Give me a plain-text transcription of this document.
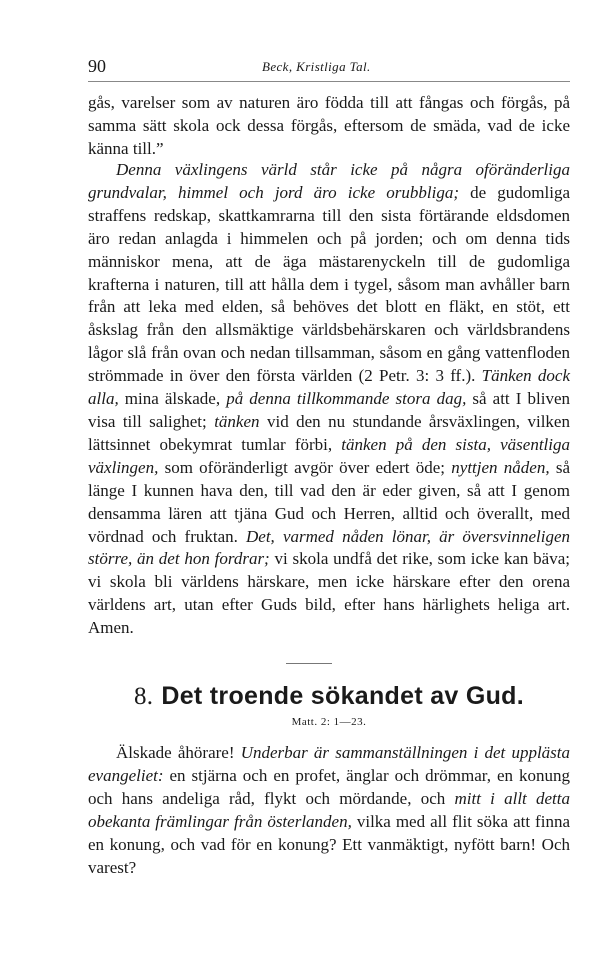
90	Beck, Kristliga Tal.
gås, varelser som av naturen äro födda till att fångas och förgås, på samma sätt skola ock dessa förgås, eftersom de smäda, vad de icke känna till.”
Denna växlingens värld står icke på några oföränderliga grundvalar, himmel och jord äro icke orubbliga; de gudomliga straffens redskap, skattkamrarna till den sista förtärande eldsdomen äro redan anlagda i himmelen och på jorden; och om denna tids människor mena, att de äga mästarenyckeln till de gudomliga krafterna i naturen, till att hålla dem i tygel, såsom man avhåller barn från att leka med elden, så behöves det blott en fläkt, en stöt, ett åskslag från den allsmäktige världsbehärskaren och världsbrandens lågor slå från ovan och nedan tillsamman, såsom en gång vattenfloden strömmade in över den första världen (2 Petr. 3: 3 ff.). Tänken dock alla, mina älskade, på denna tillkommande stora dag, så att I bliven visa till salighet; tänken vid den nu stundande årsväxlingen, vilken lättsinnet obekymrat tumlar förbi, tänken på den sista, väsentliga växlingen, som oföränderligt avgör över edert öde; nyttjen nåden, så länge I kunnen hava den, till vad den är eder given, så att I genom densamma lären att tjäna Gud och Herren, alltid och överallt, med vördnad och fruktan. Det, varmed nåden lönar, är översvinneligen större, än det hon fordrar; vi skola undfå det rike, som icke kan bäva; vi skola bli världens härskare, men icke härskare efter den orena världens art, utan efter Guds bild, efter hans härlighets heliga art. Amen.
8. Det troende sökandet av Gud.
Matt. 2: 1—23.
Älskade åhörare! Underbar är sammanställningen i det upplästa evangeliet: en stjärna och en profet, änglar och drömmar, en konung och hans andeliga råd, flykt och mördande, och mitt i allt detta obekanta främlingar från österlanden, vilka med all flit söka att finna en konung, och vad för en konung? Ett vanmäktigt, nyfött barn! Och varest?
